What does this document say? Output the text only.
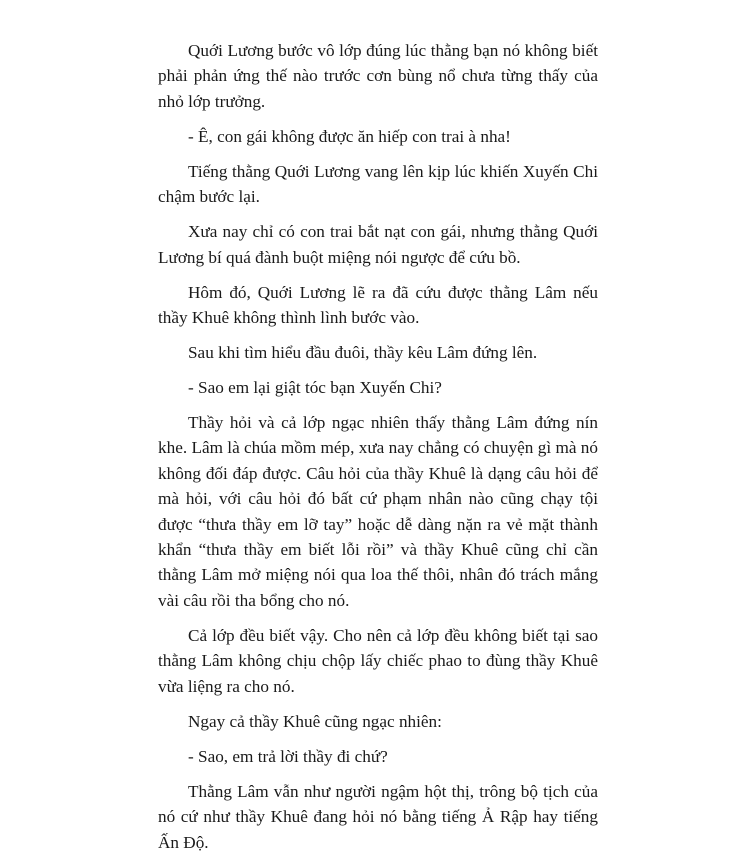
Quới Lương bước vô lớp đúng lúc thằng bạn nó không biết phải phản ứng thế nào trước cơn bùng nổ chưa từng thấy của nhỏ lớp trưởng.

- Ê, con gái không được ăn hiếp con trai à nha!

Tiếng thằng Quới Lương vang lên kịp lúc khiến Xuyến Chi chậm bước lại.

Xưa nay chỉ có con trai bắt nạt con gái, nhưng thằng Quới Lương bí quá đành buột miệng nói ngược để cứu bồ.

Hôm đó, Quới Lương lẽ ra đã cứu được thằng Lâm nếu thầy Khuê không thình lình bước vào.

Sau khi tìm hiểu đầu đuôi, thầy kêu Lâm đứng lên.

- Sao em lại giật tóc bạn Xuyến Chi?

Thầy hỏi và cả lớp ngạc nhiên thấy thằng Lâm đứng nín khe. Lâm là chúa mồm mép, xưa nay chẳng có chuyện gì mà nó không đối đáp được. Câu hỏi của thầy Khuê là dạng câu hỏi để mà hỏi, với câu hỏi đó bất cứ phạm nhân nào cũng chạy tội được “thưa thầy em lỡ tay” hoặc dễ dàng nặn ra vẻ mặt thành khẩn “thưa thầy em biết lỗi rồi” và thầy Khuê cũng chỉ cần thằng Lâm mở miệng nói qua loa thế thôi, nhân đó trách mắng vài câu rồi tha bổng cho nó.

Cả lớp đều biết vậy. Cho nên cả lớp đều không biết tại sao thằng Lâm không chịu chộp lấy chiếc phao to đùng thầy Khuê vừa liệng ra cho nó.

Ngay cả thầy Khuê cũng ngạc nhiên:

- Sao, em trả lời thầy đi chứ?

Thằng Lâm vẫn như người ngậm hột thị, trông bộ tịch của nó cứ như thầy Khuê đang hỏi nó bằng tiếng Ả Rập hay tiếng Ấn Độ.
